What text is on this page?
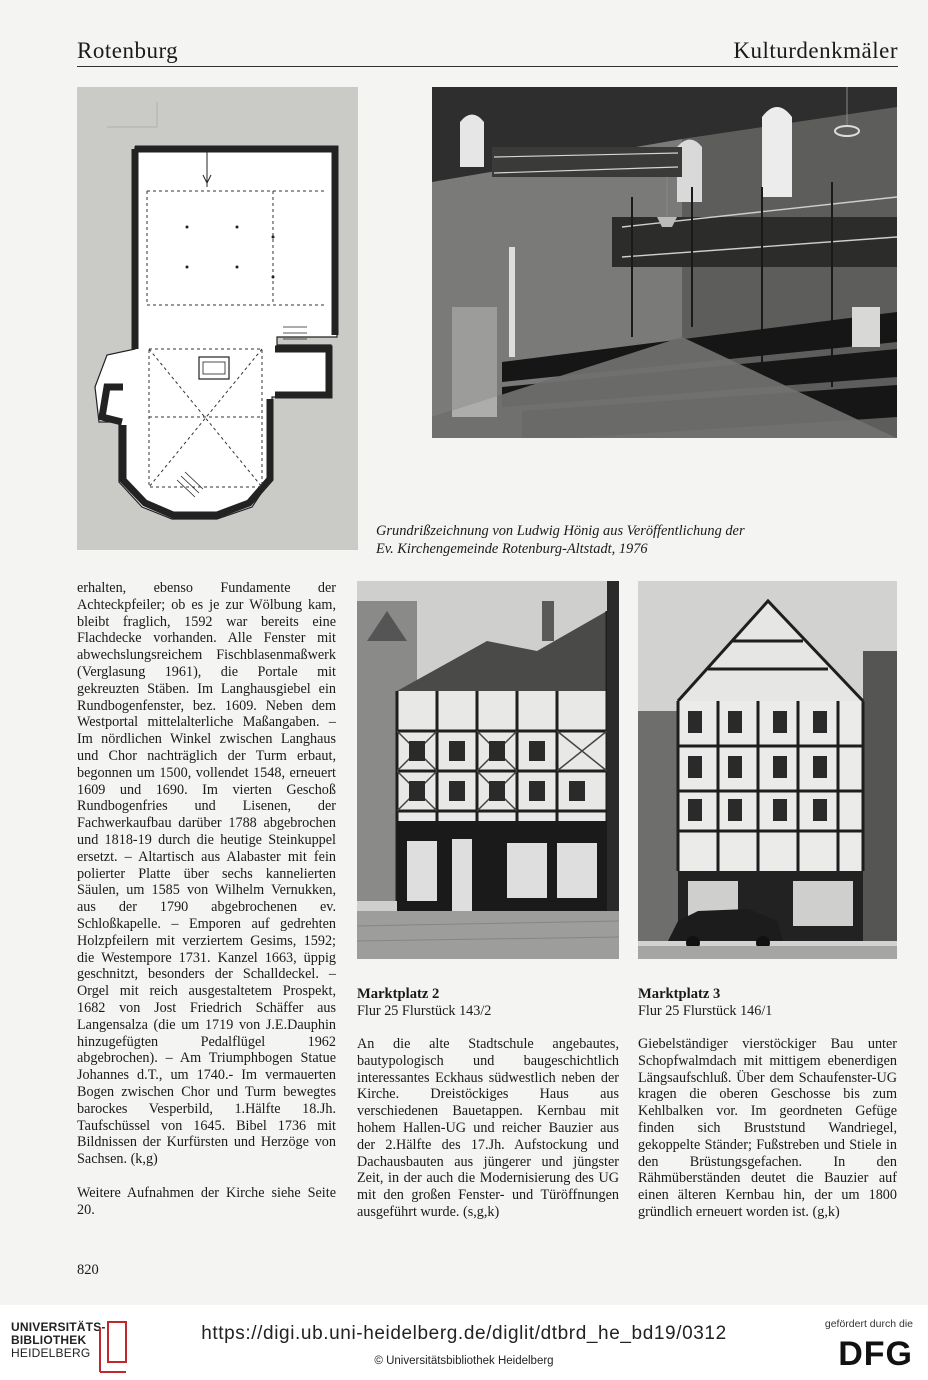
Rotenburg	Kulturdenkmäler
Grundrißzeichnung von Ludwig Hönig aus Veröffentlichung der
Ev. Kirchengemeinde Rotenburg-Altstadt, 1976
erhalten, ebenso Fundamente der Achteckpfeiler; ob es je zur Wölbung kam, bleibt fraglich, 1592 war bereits eine Flachdecke vorhanden. Alle Fenster mit abwechslungsreichem Fischblasenmaßwerk (Verglasung 1961), die Portale mit gekreuzten Stäben. Im Langhausgiebel ein Rundbogenfenster, bez. 1609. Neben dem Westportal mittelalterliche Maßangaben. – Im nördlichen Winkel zwischen Langhaus und Chor nachträglich der Turm erbaut, begonnen um 1500, vollendet 1548, erneuert 1609 und 1690. Im vierten Geschoß Rundbogenfries und Lisenen, der Fachwerkaufbau darüber 1788 abgebrochen und 1818-19 durch die heutige Steinkuppel ersetzt. – Altartisch aus Alabaster mit fein polierter Platte über sechs kannelierten Säulen, um 1585 von Wilhelm Vernukken, aus der 1790 abgebrochenen ev. Schloßkapelle. – Emporen auf gedrehten Holzpfeilern mit verziertem Gesims, 1592; die Westempore 1731. Kanzel 1663, üppig geschnitzt, besonders der Schalldeckel. – Orgel mit reich ausgestaltetem Prospekt, 1682 von Jost Friedrich Schäffer aus Langensalza (die um 1719 von J.E.Dauphin hinzugefügten Pedalflügel 1962 abgebrochen). – Am Triumphbogen Statue Johannes d.T., um 1740.- Im vermauerten Bogen zwischen Chor und Turm bewegtes barockes Vesperbild, 1.Hälfte 18.Jh. Taufschüssel von 1645. Bibel 1736 mit Bildnissen der Kurfürsten und Herzöge von Sachsen. (k,g)
Weitere Aufnahmen der Kirche siehe Seite 20.
Marktplatz 2
Flur 25 Flurstück 143/2
An die alte Stadtschule angebautes, bautypologisch und baugeschichtlich interessantes Eckhaus südwestlich neben der Kirche. Dreistöckiges Haus aus verschiedenen Bauetappen. Kernbau mit hohem Hallen-UG und reicher Bauzier aus der 2.Hälfte des 17.Jh. Aufstockung und Dachausbauten aus jüngerer und jüngster Zeit, in der auch die Modernisierung des UG mit den großen Fenster- und Türöffnungen ausgeführt wurde. (s,g,k)
Marktplatz 3
Flur 25 Flurstück 146/1
Giebelständiger vierstöckiger Bau unter Schopfwalmdach mit mittigem ebenerdigen Längsaufschluß. Über dem Schaufenster-UG kragen die oberen Geschosse bis zum Kehlbalken vor. Im geordneten Gefüge finden sich Bruststund Wandriegel, gekoppelte Ständer; Fußstreben und Stiele in den Brüstungsgefachen. In den Rähmüberständen deutet die Bauzier auf einen älteren Kernbau hin, der um 1800 gründlich erneuert worden ist. (g,k)
820
UNIVERSITÄTS-
BIBLIOTHEK
HEIDELBERG
https://digi.ub.uni-heidelberg.de/diglit/dtbrd_he_bd19/0312
© Universitätsbibliothek Heidelberg
gefördert durch die
DFG
